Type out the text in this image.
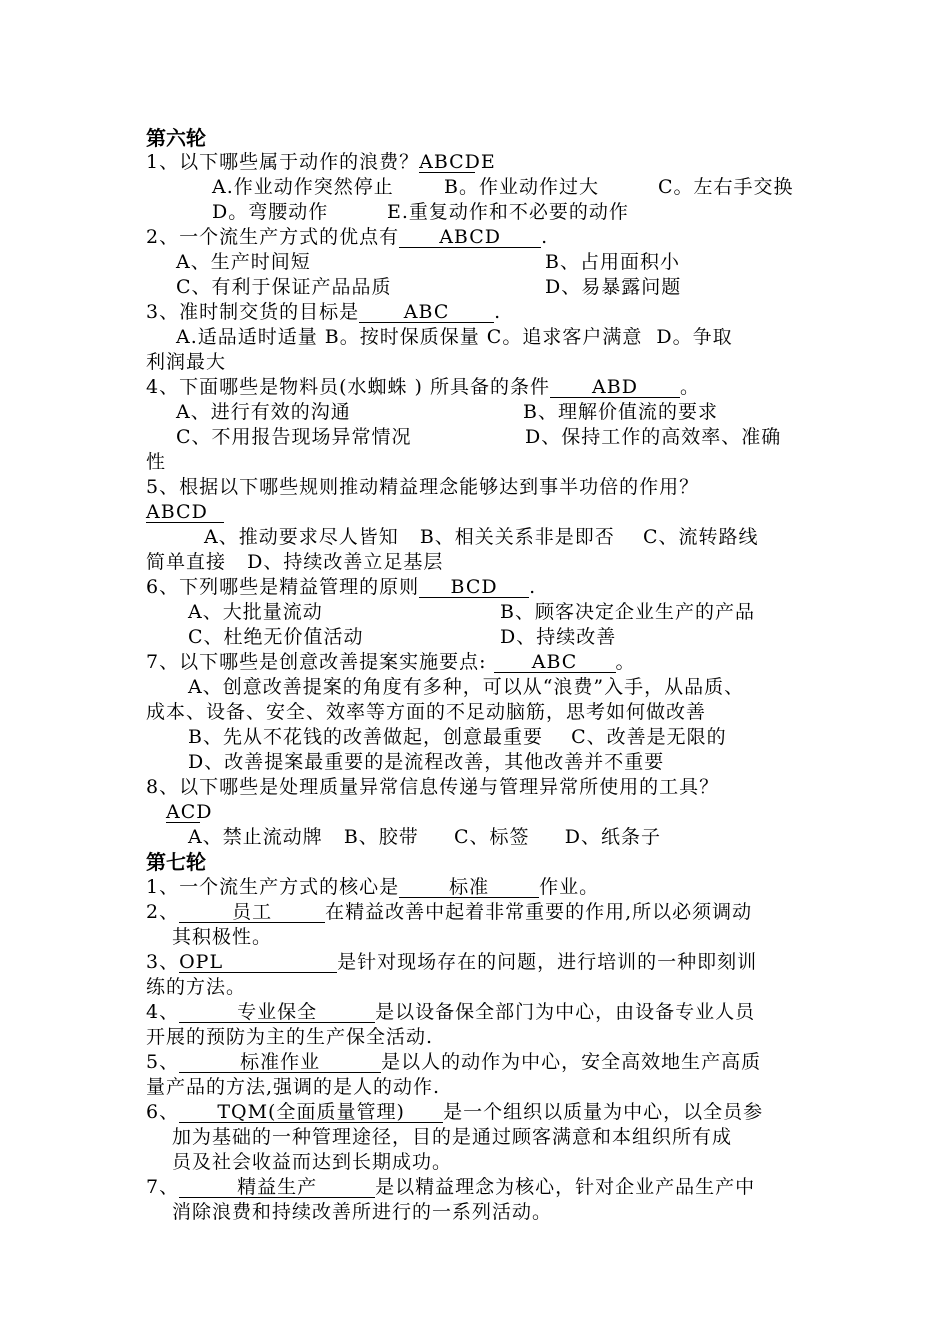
第六轮
1、以下哪些属于动作的浪费？ABCDE
A.作业动作突然停止	B。作业动作过大	C。左右手交换
D。弯腰动作	E.重复动作和不必要的动作
2、一个流生产方式的优点有 ABCD .
A、生产时间短	B、占用面积小
C、有利于保证产品品质	D、易暴露问题
3、准时制交货的目标是 ABC .
A.适品适时适量 B。按时保质保量 C。追求客户满意  D。争取
利润最大
4、下面哪些是物料员(水蜘蛛 ) 所具备的条件 ABD 。
A、进行有效的沟通	B、理解价值流的要求
C、不用报告现场异常情况	D、保持工作的高效率、准确
性
5、根据以下哪些规则推动精益理念能够达到事半功倍的作用？
ABCD
A、推动要求尽人皆知   B、相关关系非是即否    C、流转路线
简单直接   D、持续改善立足基层
6、下列哪些是精益管理的原则 BCD .
A、大批量流动	B、顾客决定企业生产的产品
C、杜绝无价值活动	D、持续改善
7、以下哪些是创意改善提案实施要点: ABC 。
A、创意改善提案的角度有多种，可以从“浪费”入手，从品质、
成本、设备、安全、效率等方面的不足动脑筋，思考如何做改善
B、先从不花钱的改善做起，创意最重要    C、改善是无限的
D、改善提案最重要的是流程改善，其他改善并不重要
8、以下哪些是处理质量异常信息传递与管理异常所使用的工具？
ACD
A、禁止流动牌   B、胶带     C、标签     D、纸条子
第七轮
1、一个流生产方式的核心是	标准	作业。
2、	员工	在精益改善中起着非常重要的作用,所以必须调动
其积极性。
3、OPL	是针对现场存在的问题，进行培训的一种即刻训
练的方法。
4、	专业保全	是以设备保全部门为中心，由设备专业人员
开展的预防为主的生产保全活动.
5、	标准作业	是以人的动作为中心，安全高效地生产高质
量产品的方法,强调的是人的动作.
6、 TQM(全面质量管理) 是一个组织以质量为中心，以全员参
加为基础的一种管理途径，目的是通过顾客满意和本组织所有成
员及社会收益而达到长期成功。
7、	精益生产	是以精益理念为核心，针对企业产品生产中
消除浪费和持续改善所进行的一系列活动。
